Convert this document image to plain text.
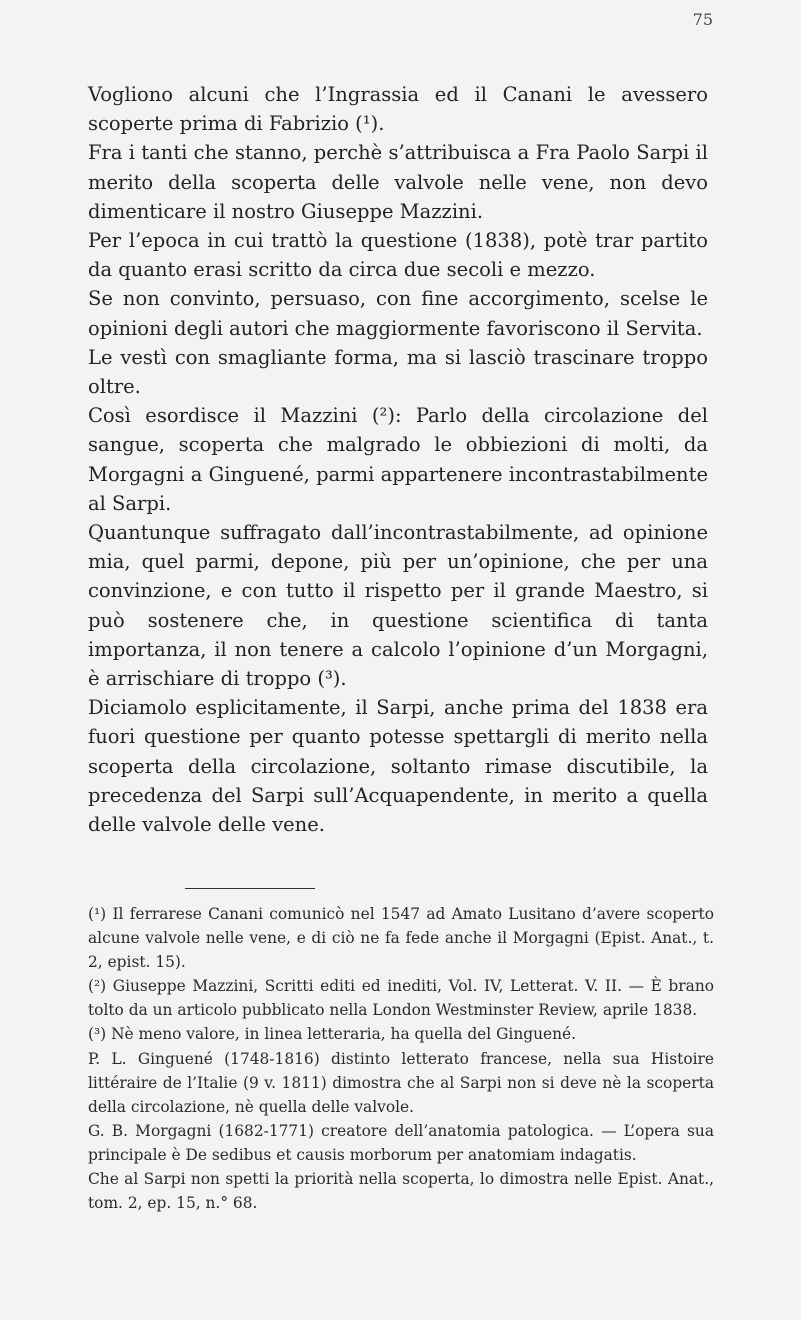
75

Vogliono alcuni che l’Ingrassia ed il Canani le avessero scoperte prima di Fabrizio (¹).

Fra i tanti che stanno, perchè s’attribuisca a Fra Paolo Sarpi il merito della scoperta delle valvole nelle vene, non devo dimenticare il nostro Giuseppe Mazzini.

Per l’epoca in cui trattò la questione (1838), potè trar partito da quanto erasi scritto da circa due secoli e mezzo.

Se non convinto, persuaso, con fine accorgimento, scelse le opinioni degli autori che maggiormente favoriscono il Servita.

Le vestì con smagliante forma, ma si lasciò trascinare troppo oltre.

Così esordisce il Mazzini (²): Parlo della circolazione del sangue, scoperta che malgrado le obbiezioni di molti, da Morgagni a Ginguené, parmi appartenere incontrastabilmente al Sarpi.

Quantunque suffragato dall’incontrastabilmente, ad opinione mia, quel parmi, depone, più per un’opinione, che per una convinzione, e con tutto il rispetto per il grande Maestro, si può sostenere che, in questione scientifica di tanta importanza, il non tenere a calcolo l’opinione d’un Morgagni, è arrischiare di troppo (³).

Diciamolo esplicitamente, il Sarpi, anche prima del 1838 era fuori questione per quanto potesse spettargli di merito nella scoperta della circolazione, soltanto rimase discutibile, la precedenza del Sarpi sull’Acquapendente, in merito a quella delle valvole delle vene.

(¹) Il ferrarese Canani comunicò nel 1547 ad Amato Lusitano d’avere scoperto alcune valvole nelle vene, e di ciò ne fa fede anche il Morgagni (Epist. Anat., t. 2, epist. 15).

(²) Giuseppe Mazzini, Scritti editi ed inediti, Vol. IV, Letterat. V. II. — È brano tolto da un articolo pubblicato nella London Westminster Review, aprile 1838.

(³) Nè meno valore, in linea letteraria, ha quella del Ginguené.

P. L. Ginguené (1748-1816) distinto letterato francese, nella sua Histoire littéraire de l’Italie (9 v. 1811) dimostra che al Sarpi non si deve nè la scoperta della circolazione, nè quella delle valvole.

G. B. Morgagni (1682-1771) creatore dell’anatomia patologica. — L’opera sua principale è De sedibus et causis morborum per anatomiam indagatis.

Che al Sarpi non spetti la priorità nella scoperta, lo dimostra nelle Epist. Anat., tom. 2, ep. 15, n.° 68.
